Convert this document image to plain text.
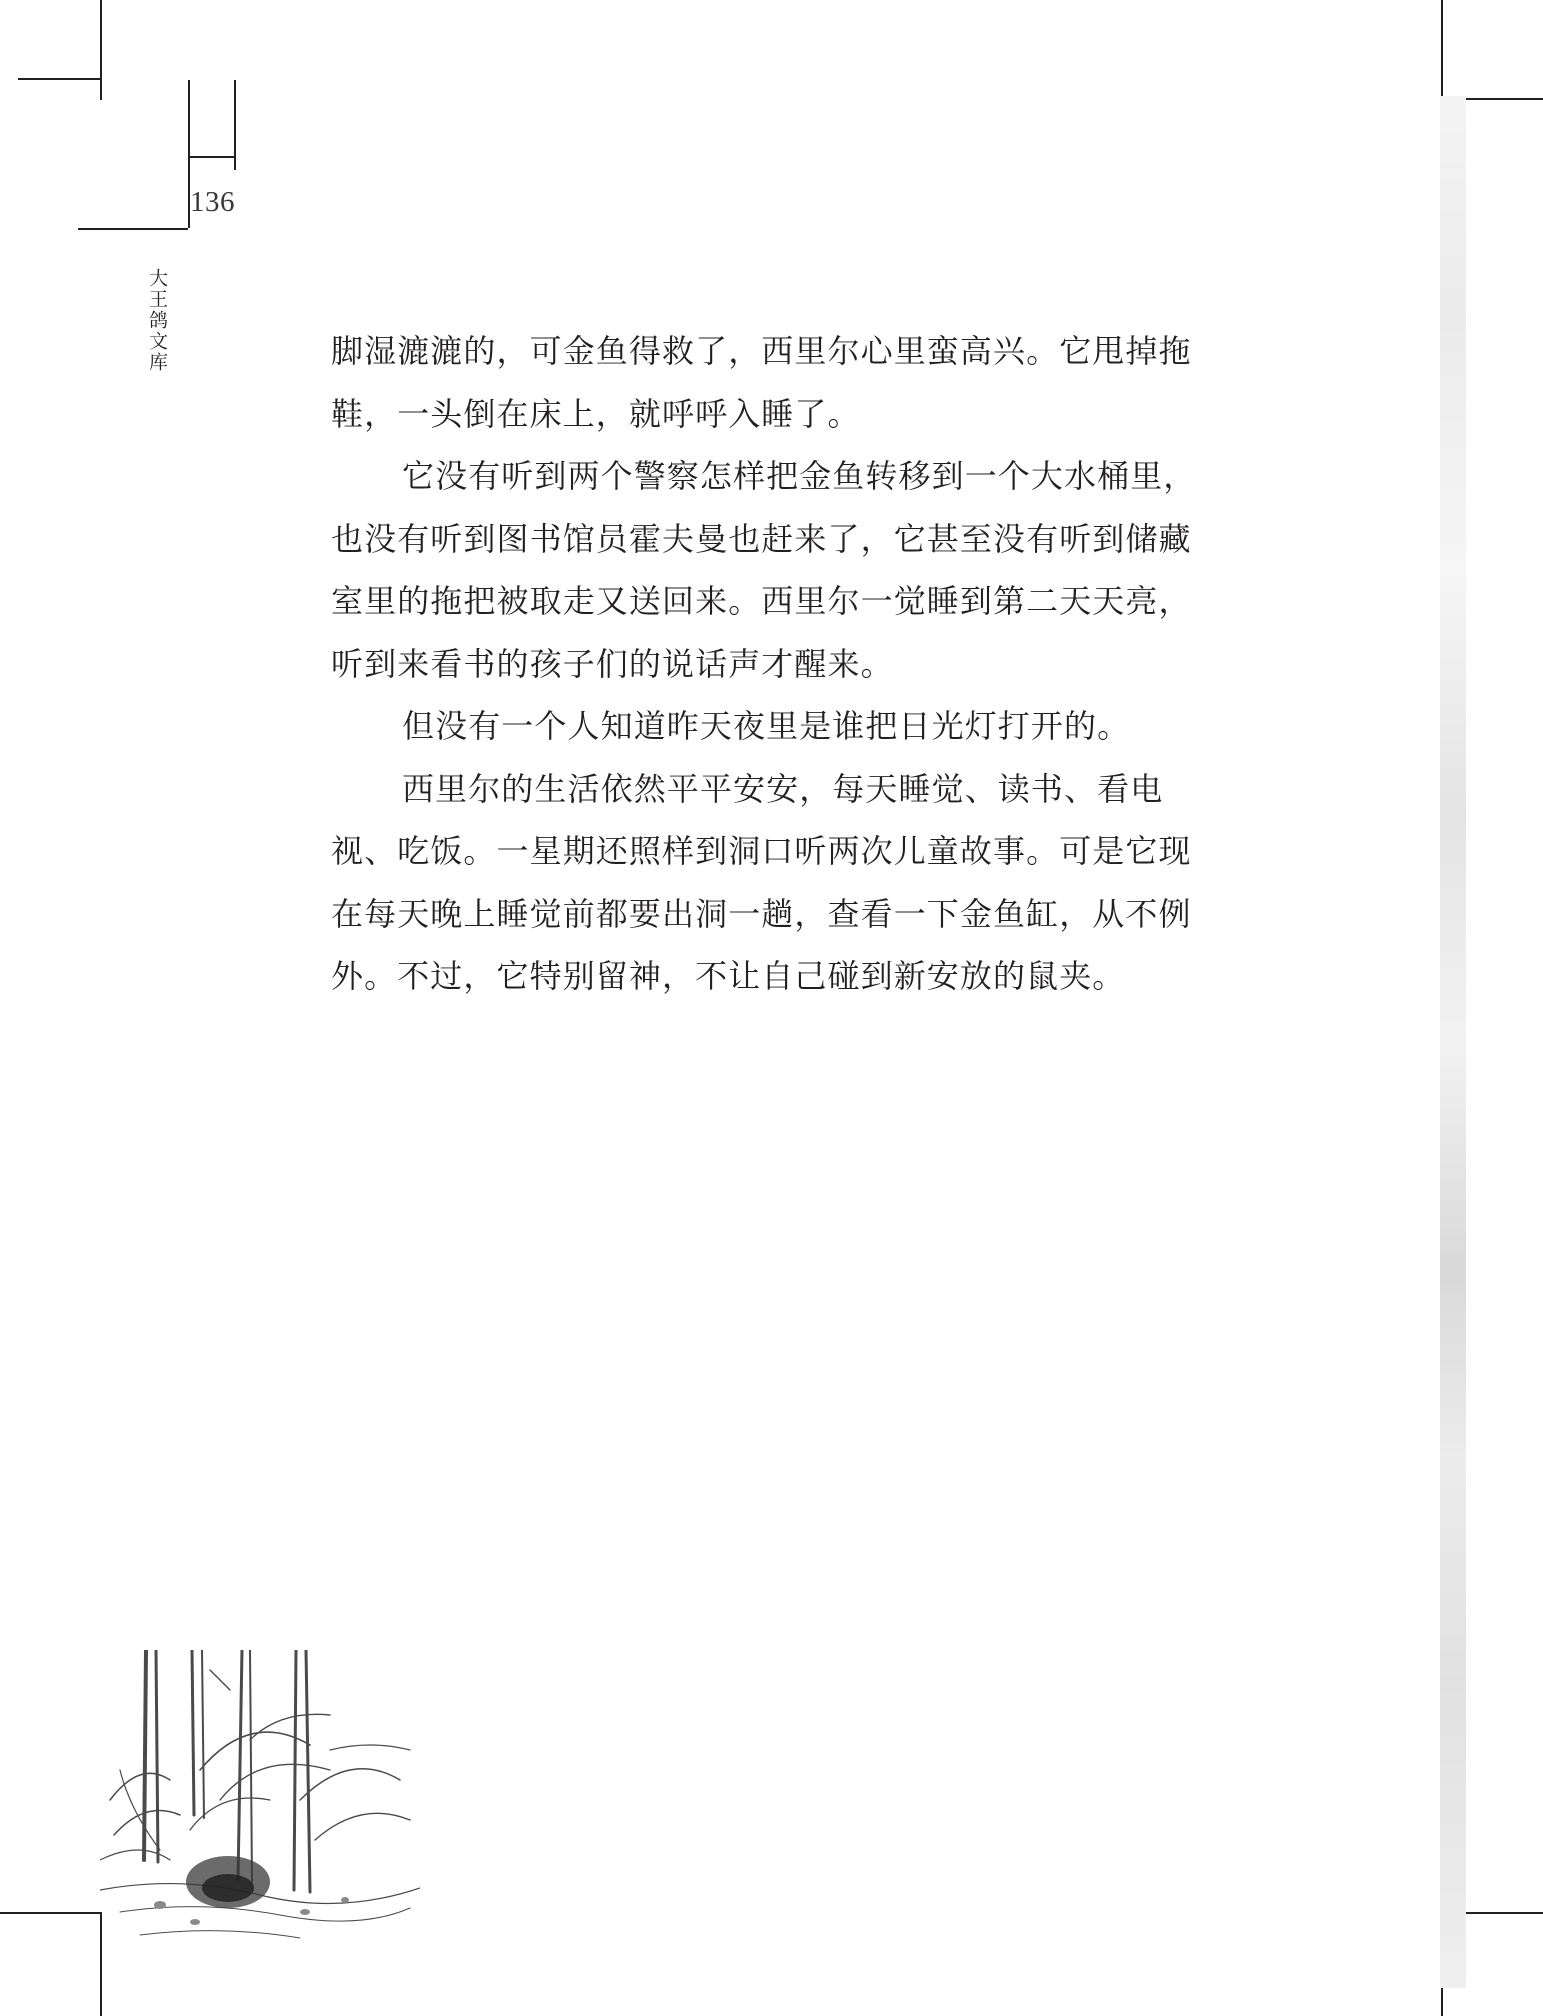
136
大王鸽文库	脚湿漉漉的，可金鱼得救了，西里尔心里蛮高兴。它甩掉拖鞋，一头倒在床上，就呼呼入睡了。

它没有听到两个警察怎样把金鱼转移到一个大水桶里，也没有听到图书馆员霍夫曼也赶来了，它甚至没有听到储藏室里的拖把被取走又送回来。西里尔一觉睡到第二天天亮，听到来看书的孩子们的说话声才醒来。

但没有一个人知道昨天夜里是谁把日光灯打开的。

西里尔的生活依然平平安安，每天睡觉、读书、看电视、吃饭。一星期还照样到洞口听两次儿童故事。可是它现在每天晚上睡觉前都要出洞一趟，查看一下金鱼缸，从不例外。不过，它特别留神，不让自己碰到新安放的鼠夹。
